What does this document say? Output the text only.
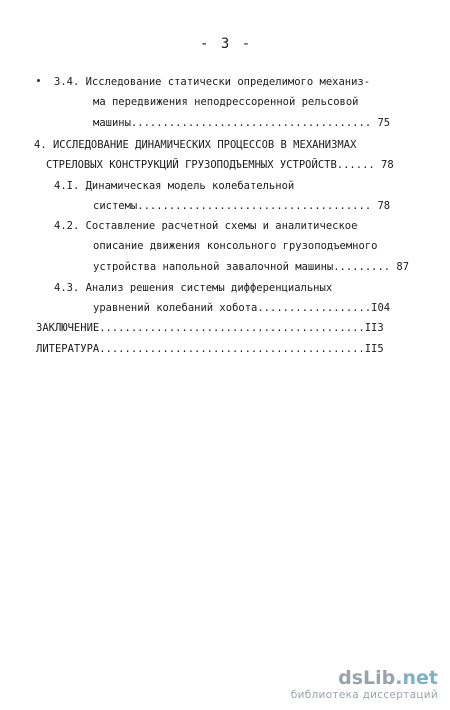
- 3 -
3.4. Исследование статически определимого механиз-
ма передвижения неподрессоренной рельсовой
машины...................................... 75
4. ИССЛЕДОВАНИЕ ДИНАМИЧЕСКИХ ПРОЦЕССОВ В МЕХАНИЗМАХ
СТРЕЛОВЫХ КОНСТРУКЦИЙ ГРУЗОПОДЪЕМНЫХ УСТРОЙСТВ...... 78
4.I. Динамическая модель колебательной
системы..................................... 78
4.2. Составление расчетной схемы и аналитическое
описание движения консольного грузоподъемного
устройства напольной завалочной машины......... 87
4.3. Анализ решения системы дифференциальных
уравнений колебаний хобота..................I04
ЗАКЛЮЧЕНИЕ..........................................II3
ЛИТЕРАТУРА..........................................II5
dsLib.net
библиотека диссертаций
